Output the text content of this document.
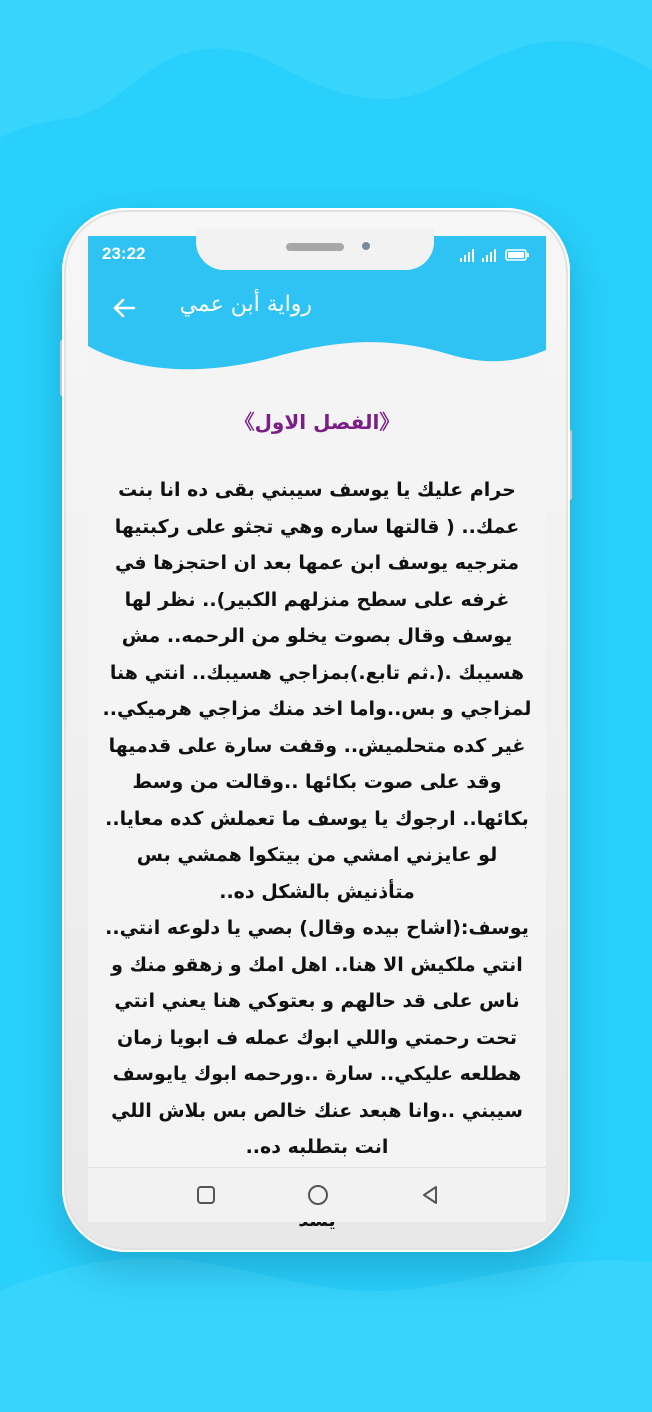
23:22
رواية أبن عمي
《الفصل الاول》

حرام عليك يا يوسف سيبني بقى ده انا بنت عمك.. ( قالتها ساره وهي تجثو على ركبتيها مترجيه يوسف ابن عمها بعد ان احتجزها في غرفه على سطح منزلهم الكبير).. نظر لها يوسف وقال بصوت يخلو من الرحمه.. مش هسيبك .(.ثم تابع.)بمزاجي هسيبك.. انتي هنا لمزاجي و بس..واما اخد منك مزاجي هرميكي.. غير كده متحلميش.. وقفت سارة على قدميها وقد على صوت بكائها ..وقالت من وسط بكائها.. ارجوك يا يوسف ما تعملش كده معايا.. لو عايزني امشي من بيتكوا همشي بس متأذنيش بالشكل ده..

يوسف:(اشاح بيده وقال) بصي يا دلوعه انتي.. انتي ملكيش الا هنا.. اهل امك و زهقو منك و ناس على قد حالهم و بعتوكي هنا يعني انتي تحت رحمتي واللي ابوك عمله ف ابويا زمان هطلعه عليكي.. سارة ..ورحمه ابوك يايوسف سيبني ..وانا هبعد عنك خالص بس بلاش اللي انت بتطلبه ده..
